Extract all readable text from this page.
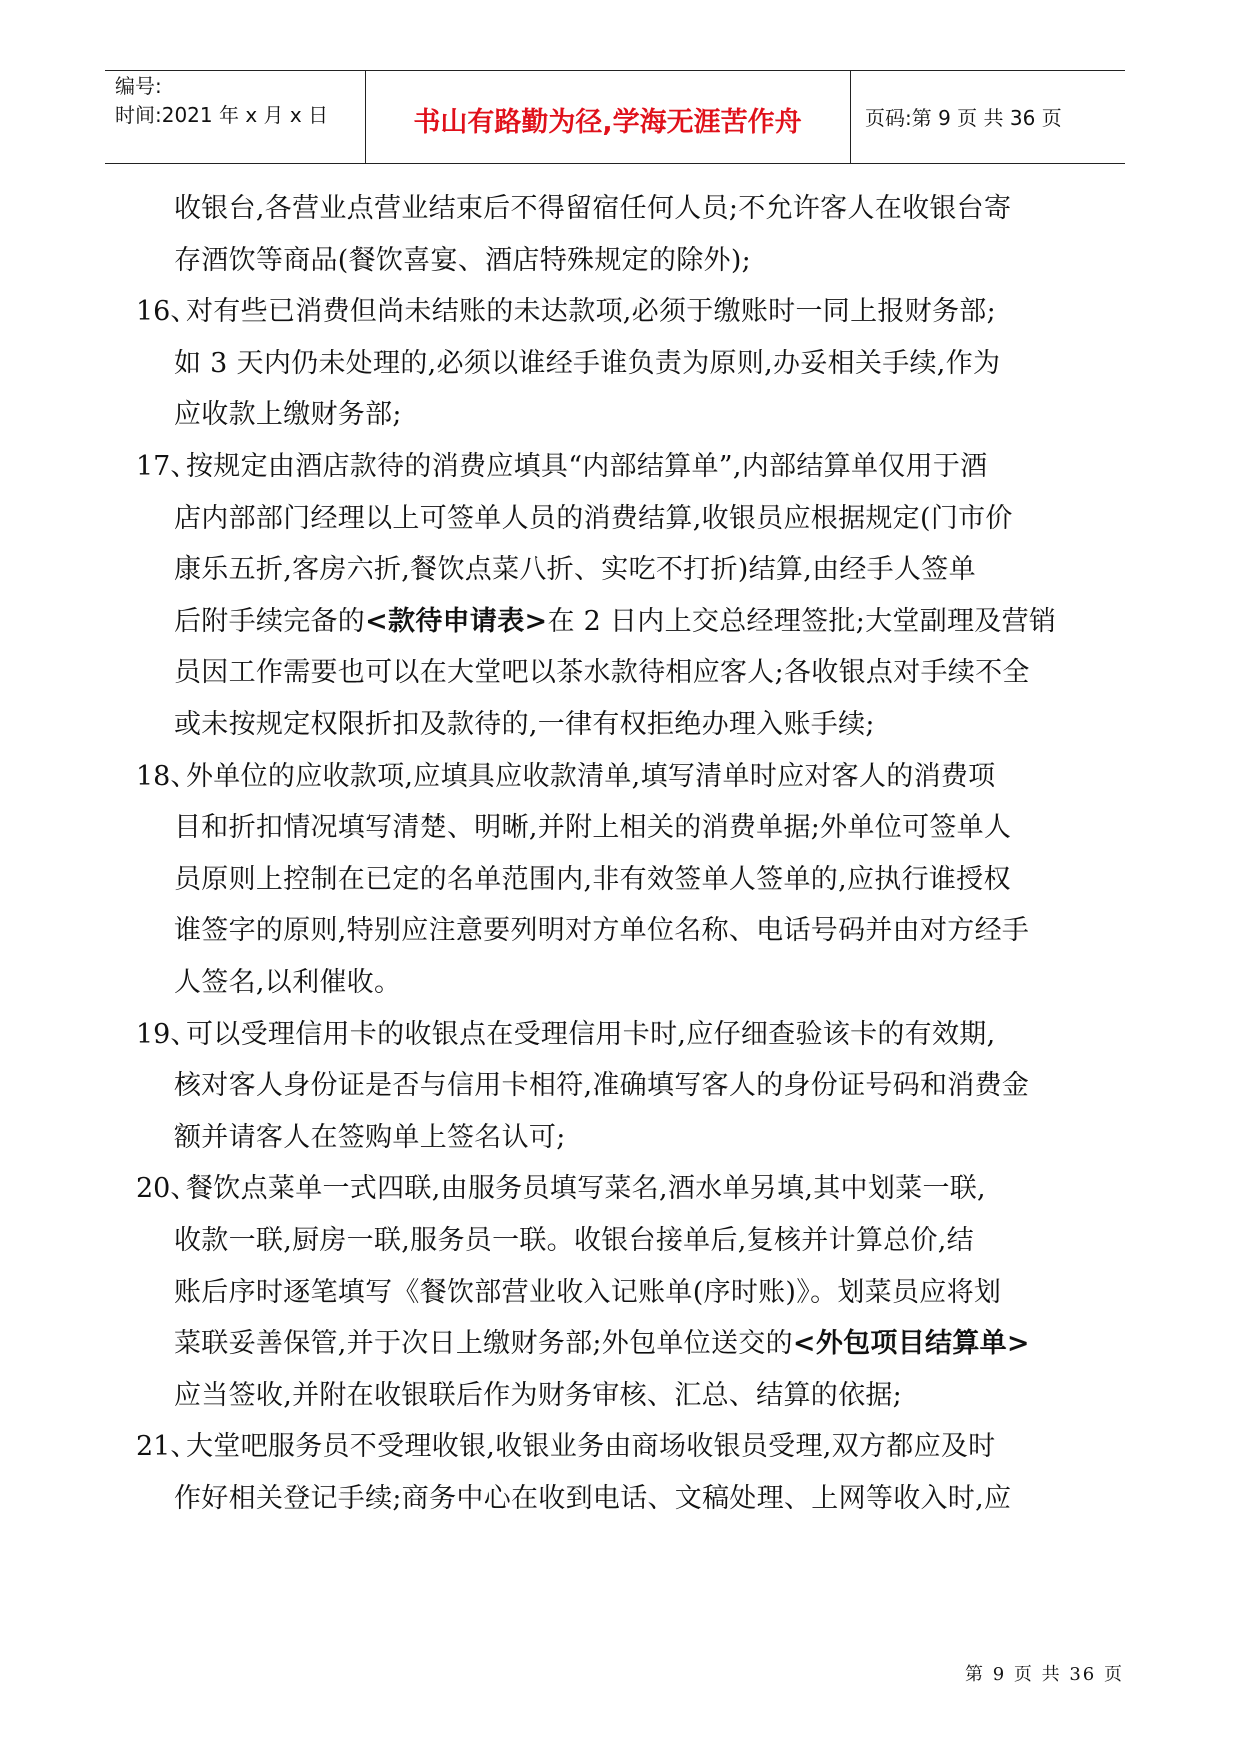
编号:
时间:2021 年 x 月 x 日	书山有路勤为径,学海无涯苦作舟	页码:第 9 页 共 36 页
收银台,各营业点营业结束后不得留宿任何人员;不允许客人在收银台寄
存酒饮等商品(餐饮喜宴、酒店特殊规定的除外);
16、
对有些已消费但尚未结账的未达款项,必须于缴账时一同上报财务部;
如 3 天内仍未处理的,必须以谁经手谁负责为原则,办妥相关手续,作为
应收款上缴财务部;
17、
按规定由酒店款待的消费应填具“内部结算单”,内部结算单仅用于酒
店内部部门经理以上可签单人员的消费结算,收银员应根据规定(门市价
康乐五折,客房六折,餐饮点菜八折、实吃不打折)结算,由经手人签单
后附手续完备的<款待申请表>在 2 日内上交总经理签批;大堂副理及营销
员因工作需要也可以在大堂吧以茶水款待相应客人;各收银点对手续不全
或未按规定权限折扣及款待的,一律有权拒绝办理入账手续;
18、
外单位的应收款项,应填具应收款清单,填写清单时应对客人的消费项
目和折扣情况填写清楚、明晰,并附上相关的消费单据;外单位可签单人
员原则上控制在已定的名单范围内,非有效签单人签单的,应执行谁授权
谁签字的原则,特别应注意要列明对方单位名称、电话号码并由对方经手
人签名,以利催收。
19、
可以受理信用卡的收银点在受理信用卡时,应仔细查验该卡的有效期,
核对客人身份证是否与信用卡相符,准确填写客人的身份证号码和消费金
额并请客人在签购单上签名认可;
20、
餐饮点菜单一式四联,由服务员填写菜名,酒水单另填,其中划菜一联,
收款一联,厨房一联,服务员一联。收银台接单后,复核并计算总价,结
账后序时逐笔填写《餐饮部营业收入记账单(序时账)》。划菜员应将划
菜联妥善保管,并于次日上缴财务部;外包单位送交的<外包项目结算单>
应当签收,并附在收银联后作为财务审核、汇总、结算的依据;
21、
大堂吧服务员不受理收银,收银业务由商场收银员受理,双方都应及时
作好相关登记手续;商务中心在收到电话、文稿处理、上网等收入时,应
第 9 页 共 36 页
